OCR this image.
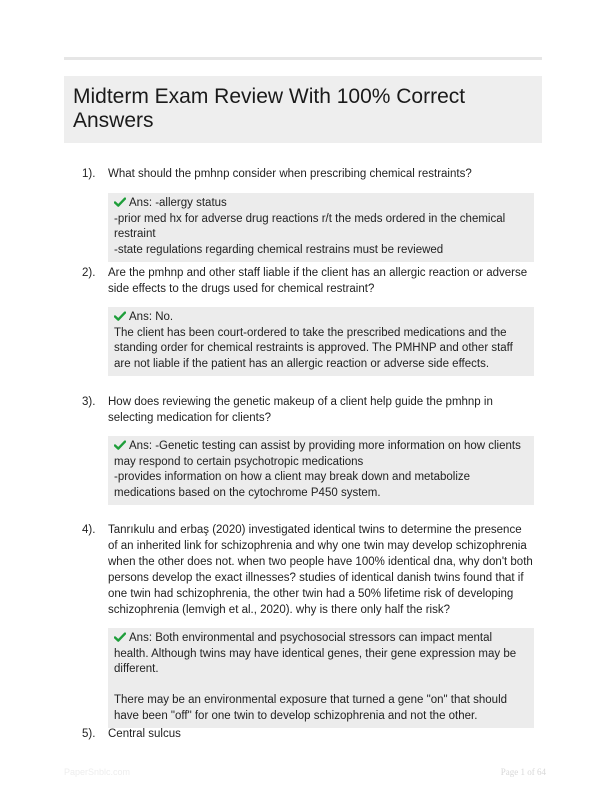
Midterm Exam Review With 100% Correct Answers
1). What should the pmhnp consider when prescribing chemical restraints?
Ans: -allergy status
-prior med hx for adverse drug reactions r/t the meds ordered in the chemical restraint
-state regulations regarding chemical restrains must be reviewed
2). Are the pmhnp and other staff liable if the client has an allergic reaction or adverse side effects to the drugs used for chemical restraint?
Ans: No.
The client has been court-ordered to take the prescribed medications and the standing order for chemical restraints is approved. The PMHNP and other staff are not liable if the patient has an allergic reaction or adverse side effects.
3). How does reviewing the genetic makeup of a client help guide the pmhnp in selecting medication for clients?
Ans: -Genetic testing can assist by providing more information on how clients may respond to certain psychotropic medications
-provides information on how a client may break down and metabolize medications based on the cytochrome P450 system.
4). Tanrıkulu and erbaş (2020) investigated identical twins to determine the presence of an inherited link for schizophrenia and why one twin may develop schizophrenia when the other does not. when two people have 100% identical dna, why don't both persons develop the exact illnesses? studies of identical danish twins found that if one twin had schizophrenia, the other twin had a 50% lifetime risk of developing schizophrenia (lemvigh et al., 2020). why is there only half the risk?
Ans: Both environmental and psychosocial stressors can impact mental health. Although twins may have identical genes, their gene expression may be different.
There may be an environmental exposure that turned a gene "on" that should have been "off" for one twin to develop schizophrenia and not the other.
5). Central sulcus
PaperSnblc.com	Page 1 of 64
